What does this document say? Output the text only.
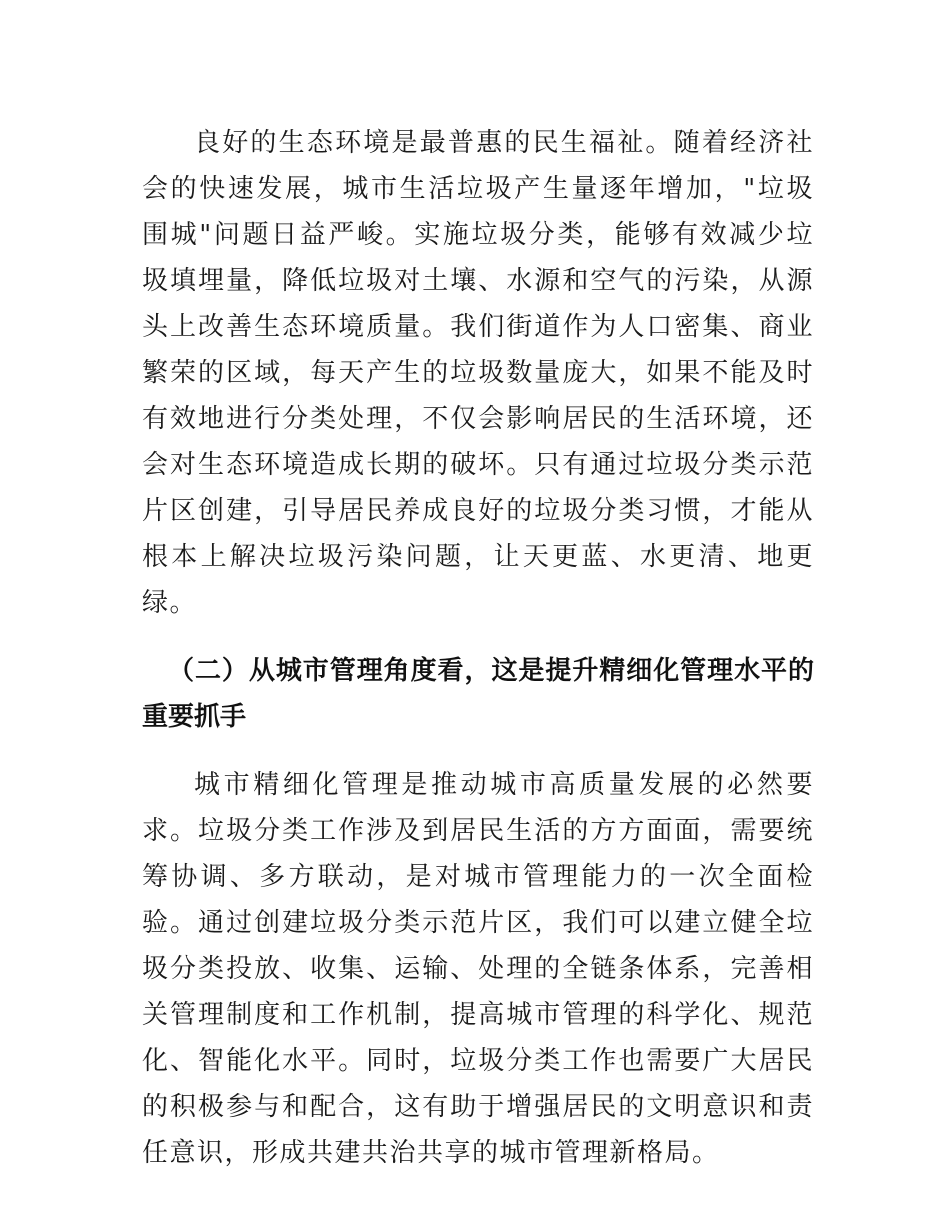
良好的生态环境是最普惠的民生福祉。随着经济社会的快速发展，城市生活垃圾产生量逐年增加，"垃圾围城"问题日益严峻。实施垃圾分类，能够有效减少垃圾填埋量，降低垃圾对土壤、水源和空气的污染，从源头上改善生态环境质量。我们街道作为人口密集、商业繁荣的区域，每天产生的垃圾数量庞大，如果不能及时有效地进行分类处理，不仅会影响居民的生活环境，还会对生态环境造成长期的破坏。只有通过垃圾分类示范片区创建，引导居民养成良好的垃圾分类习惯，才能从根本上解决垃圾污染问题，让天更蓝、水更清、地更绿。

（二）从城市管理角度看，这是提升精细化管理水平的重要抓手

城市精细化管理是推动城市高质量发展的必然要求。垃圾分类工作涉及到居民生活的方方面面，需要统筹协调、多方联动，是对城市管理能力的一次全面检验。通过创建垃圾分类示范片区，我们可以建立健全垃圾分类投放、收集、运输、处理的全链条体系，完善相关管理制度和工作机制，提高城市管理的科学化、规范化、智能化水平。同时，垃圾分类工作也需要广大居民的积极参与和配合，这有助于增强居民的文明意识和责任意识，形成共建共治共享的城市管理新格局。
